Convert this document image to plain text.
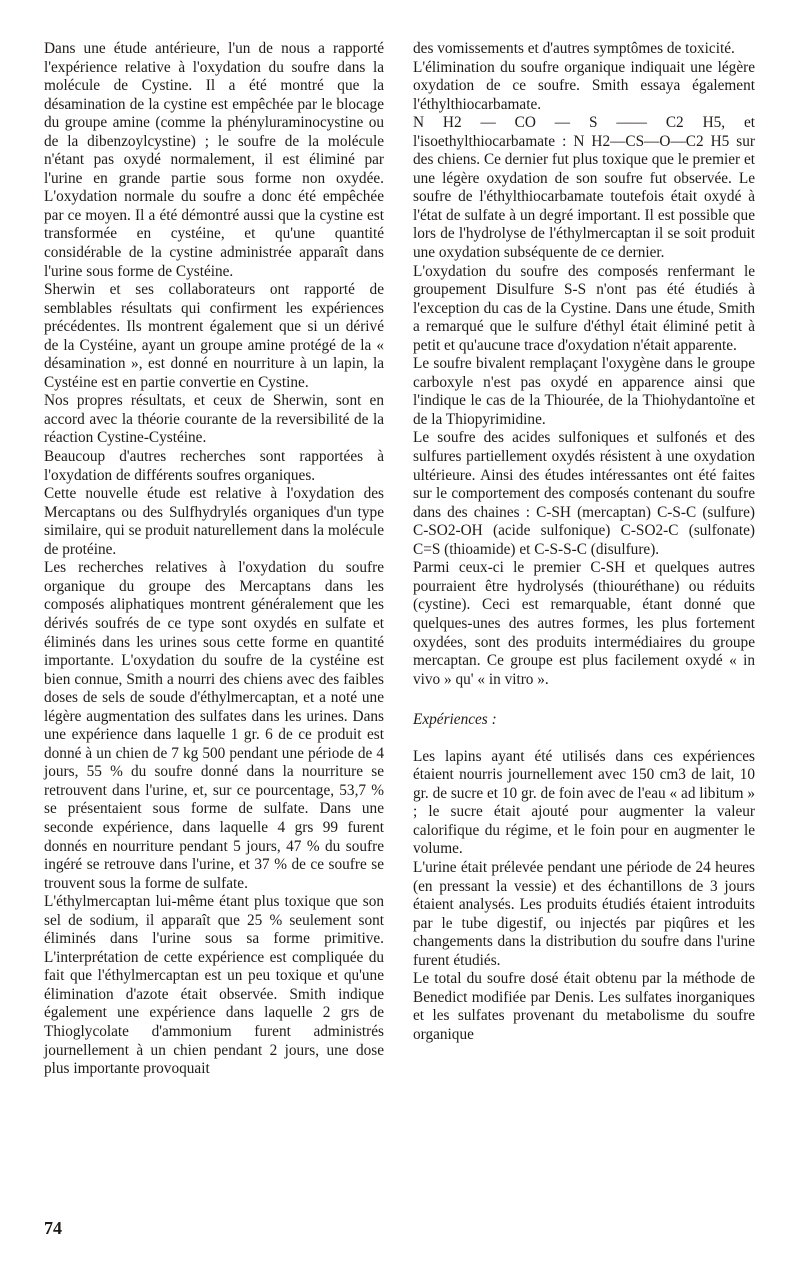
Dans une étude antérieure, l'un de nous a rapporté l'expérience relative à l'oxydation du soufre dans la molécule de Cystine. Il a été montré que la désamination de la cystine est empêchée par le blocage du groupe amine (comme la phényluraminocystine ou de la dibenzoylcystine) ; le soufre de la molécule n'étant pas oxydé normalement, il est éliminé par l'urine en grande partie sous forme non oxydée. L'oxydation normale du soufre a donc été empêchée par ce moyen. Il a été démontré aussi que la cystine est transformée en cystéine, et qu'une quantité considérable de la cystine administrée apparaît dans l'urine sous forme de Cystéine.

Sherwin et ses collaborateurs ont rapporté de semblables résultats qui confirment les expériences précédentes. Ils montrent également que si un dérivé de la Cystéine, ayant un groupe amine protégé de la « désamination », est donné en nourriture à un lapin, la Cystéine est en partie convertie en Cystine.

Nos propres résultats, et ceux de Sherwin, sont en accord avec la théorie courante de la reversibilité de la réaction Cystine-Cystéine.

Beaucoup d'autres recherches sont rapportées à l'oxydation de différents soufres organiques.

Cette nouvelle étude est relative à l'oxydation des Mercaptans ou des Sulfhydrylés organiques d'un type similaire, qui se produit naturellement dans la molécule de protéine.

Les recherches relatives à l'oxydation du soufre organique du groupe des Mercaptans dans les composés aliphatiques montrent généralement que les dérivés soufrés de ce type sont oxydés en sulfate et éliminés dans les urines sous cette forme en quantité importante. L'oxydation du soufre de la cystéine est bien connue, Smith a nourri des chiens avec des faibles doses de sels de soude d'éthylmercaptan, et a noté une légère augmentation des sulfates dans les urines. Dans une expérience dans laquelle 1 gr. 6 de ce produit est donné à un chien de 7 kg 500 pendant une période de 4 jours, 55 % du soufre donné dans la nourriture se retrouvent dans l'urine, et, sur ce pourcentage, 53,7 % se présentaient sous forme de sulfate. Dans une seconde expérience, dans laquelle 4 grs 99 furent donnés en nourriture pendant 5 jours, 47 % du soufre ingéré se retrouve dans l'urine, et 37 % de ce soufre se trouvent sous la forme de sulfate.

L'éthylmercaptan lui-même étant plus toxique que son sel de sodium, il apparaît que 25 % seulement sont éliminés dans l'urine sous sa forme primitive. L'interprétation de cette expérience est compliquée du fait que l'éthylmercaptan est un peu toxique et qu'une élimination d'azote était observée. Smith indique également une expérience dans laquelle 2 grs de Thioglycolate d'ammonium furent administrés journellement à un chien pendant 2 jours, une dose plus importante provoquait

des vomissements et d'autres symptômes de toxicité.

L'élimination du soufre organique indiquait une légère oxydation de ce soufre. Smith essaya également l'éthylthiocarbamate.

N H2 — CO — S —— C2 H5, et l'isoethylthiocarbamate : N H2—CS—O—C2 H5 sur des chiens. Ce dernier fut plus toxique que le premier et une légère oxydation de son soufre fut observée. Le soufre de l'éthylthiocarbamate toutefois était oxydé à l'état de sulfate à un degré important. Il est possible que lors de l'hydrolyse de l'éthylmercaptan il se soit produit une oxydation subséquente de ce dernier.

L'oxydation du soufre des composés renfermant le groupement Disulfure S-S n'ont pas été étudiés à l'exception du cas de la Cystine. Dans une étude, Smith a remarqué que le sulfure d'éthyl était éliminé petit à petit et qu'aucune trace d'oxydation n'était apparente.

Le soufre bivalent remplaçant l'oxygène dans le groupe carboxyle n'est pas oxydé en apparence ainsi que l'indique le cas de la Thiourée, de la Thiohydantoïne et de la Thiopyrimidine.

Le soufre des acides sulfoniques et sulfonés et des sulfures partiellement oxydés résistent à une oxydation ultérieure. Ainsi des études intéressantes ont été faites sur le comportement des composés contenant du soufre dans des chaines : C-SH (mercaptan) C-S-C (sulfure) C-SO2-OH (acide sulfonique) C-SO2-C (sulfonate) C=S (thioamide) et C-S-S-C (disulfure).

Parmi ceux-ci le premier C-SH et quelques autres pourraient être hydrolysés (thiouréthane) ou réduits (cystine). Ceci est remarquable, étant donné que quelques-unes des autres formes, les plus fortement oxydées, sont des produits intermédiaires du groupe mercaptan. Ce groupe est plus facilement oxydé « in vivo » qu' « in vitro ».

Expériences :

Les lapins ayant été utilisés dans ces expériences étaient nourris journellement avec 150 cm3 de lait, 10 gr. de sucre et 10 gr. de foin avec de l'eau « ad libitum » ; le sucre était ajouté pour augmenter la valeur calorifique du régime, et le foin pour en augmenter le volume.

L'urine était prélevée pendant une période de 24 heures (en pressant la vessie) et des échantillons de 3 jours étaient analysés. Les produits étudiés étaient introduits par le tube digestif, ou injectés par piqûres et les changements dans la distribution du soufre dans l'urine furent étudiés.

Le total du soufre dosé était obtenu par la méthode de Benedict modifiée par Denis. Les sulfates inorganiques et les sulfates provenant du metabolisme du soufre organique

74
